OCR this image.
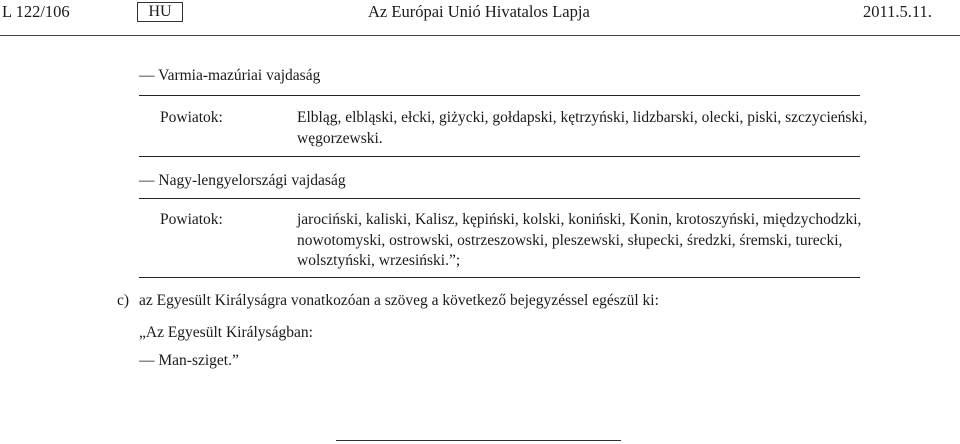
L 122/106	HU	Az Európai Unió Hivatalos Lapja	2011.5.11.
— Varmia-mazúriai vajdaság
Powiatok:	Elbląg, elbląski, ełcki, giżycki, gołdapski, kętrzyński, lidzbarski, olecki, piski, szczycieński,
węgorzewski.
— Nagy-lengyelországi vajdaság
Powiatok:	jarociński, kaliski, Kalisz, kępiński, kolski, koniński, Konin, krotoszyński, międzychodzki,
nowotomyski, ostrowski, ostrzeszowski, pleszewski, słupecki, średzki, śremski, turecki,
wolsztyński, wrzesiński.”;
c) az Egyesült Királyságra vonatkozóan a szöveg a következő bejegyzéssel egészül ki:
„Az Egyesült Királyságban:
— Man-sziget.”
